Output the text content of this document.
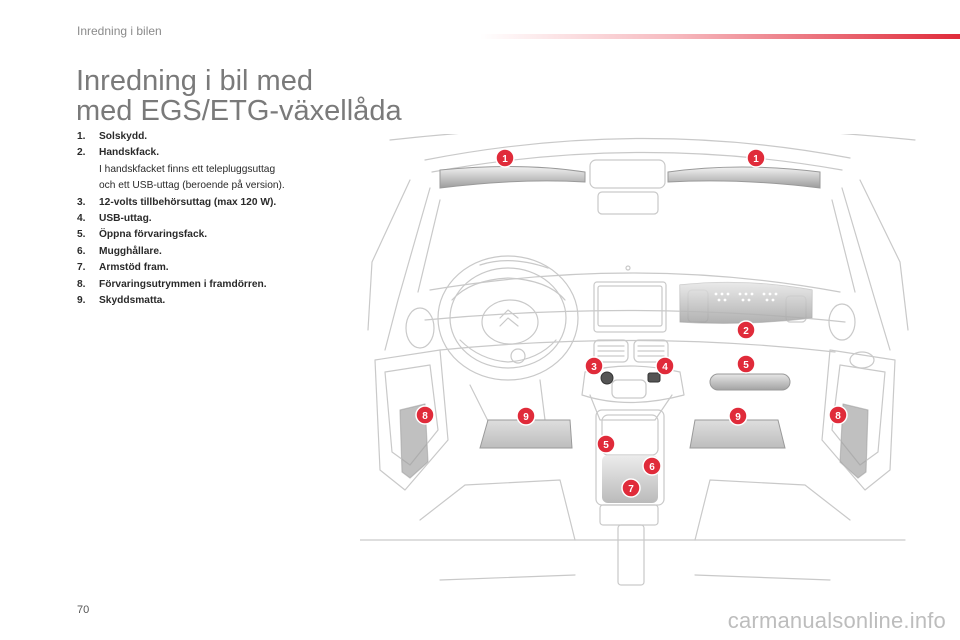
Inredning i bilen
Inredning i bil med
med EGS/ETG-växellåda
1. Solskydd.
2. Handskfack.
I handskfacket finns ett telepluggsuttag
och ett USB-uttag (beroende på version).
3. 12-volts tillbehörsuttag (max 120 W).
4. USB-uttag.
5. Öppna förvaringsfack.
6. Mugghållare.
7. Armstöd fram.
8. Förvaringsutrymmen i framdörren.
9. Skyddsmatta.
1	1
2
3	4	5
5
6
7
8	8
9	9
70	carmanualsonline.info
